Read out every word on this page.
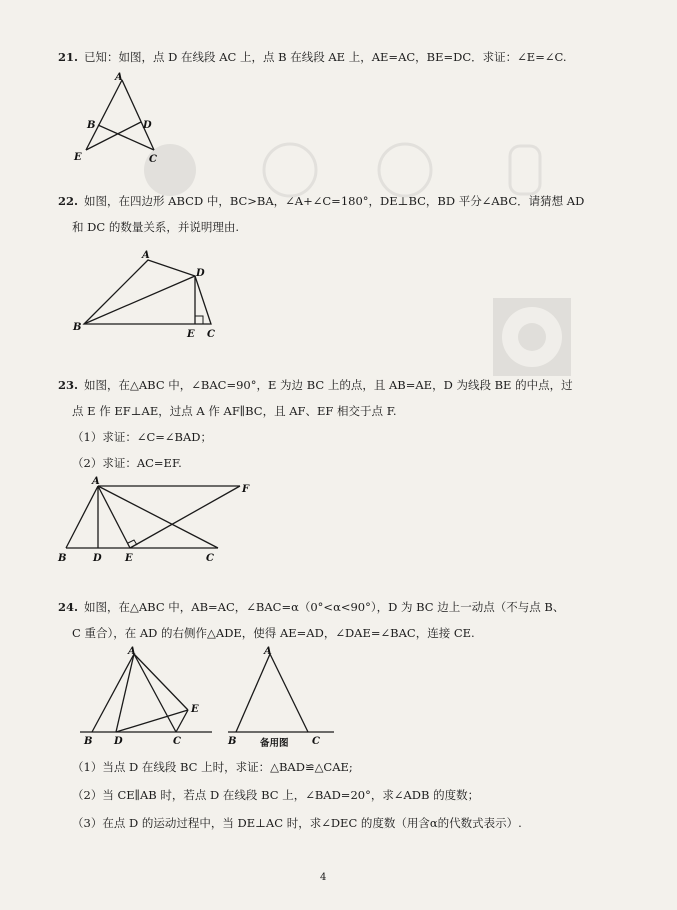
21. 已知：如图，点 D 在线段 AC 上，点 B 在线段 AE 上，AE=AC，BE=DC．求证：∠E=∠C.
A
B	D
E	C
22. 如图，在四边形 ABCD 中，BC>BA，∠A+∠C=180°，DE⊥BC，BD 平分∠ABC．请猜想 AD
和 DC 的数量关系，并说明理由.
A
D
B
E C
23. 如图，在△ABC 中，∠BAC=90°，E 为边 BC 上的点，且 AB=AE，D 为线段 BE 的中点，过
点 E 作 EF⊥AE，过点 A 作 AF∥BC，且 AF、EF 相交于点 F.
（1）求证：∠C=∠BAD；
（2）求证：AC=EF.
A
F
B	D E	C
24. 如图，在△ABC 中，AB=AC，∠BAC=α（0°<α<90°），D 为 BC 边上一动点（不与点 B、
C 重合），在 AD 的右侧作△ADE，使得 AE=AD，∠DAE=∠BAC，连接 CE.
A
E
B D	C
A
B	C
备用图
（1）当点 D 在线段 BC 上时，求证：△BAD≌△CAE;
（2）当 CE∥AB 时，若点 D 在线段 BC 上，∠BAD=20°，求∠ADB 的度数；
（3）在点 D 的运动过程中，当 DE⊥AC 时，求∠DEC 的度数（用含α的代数式表示）.
4
